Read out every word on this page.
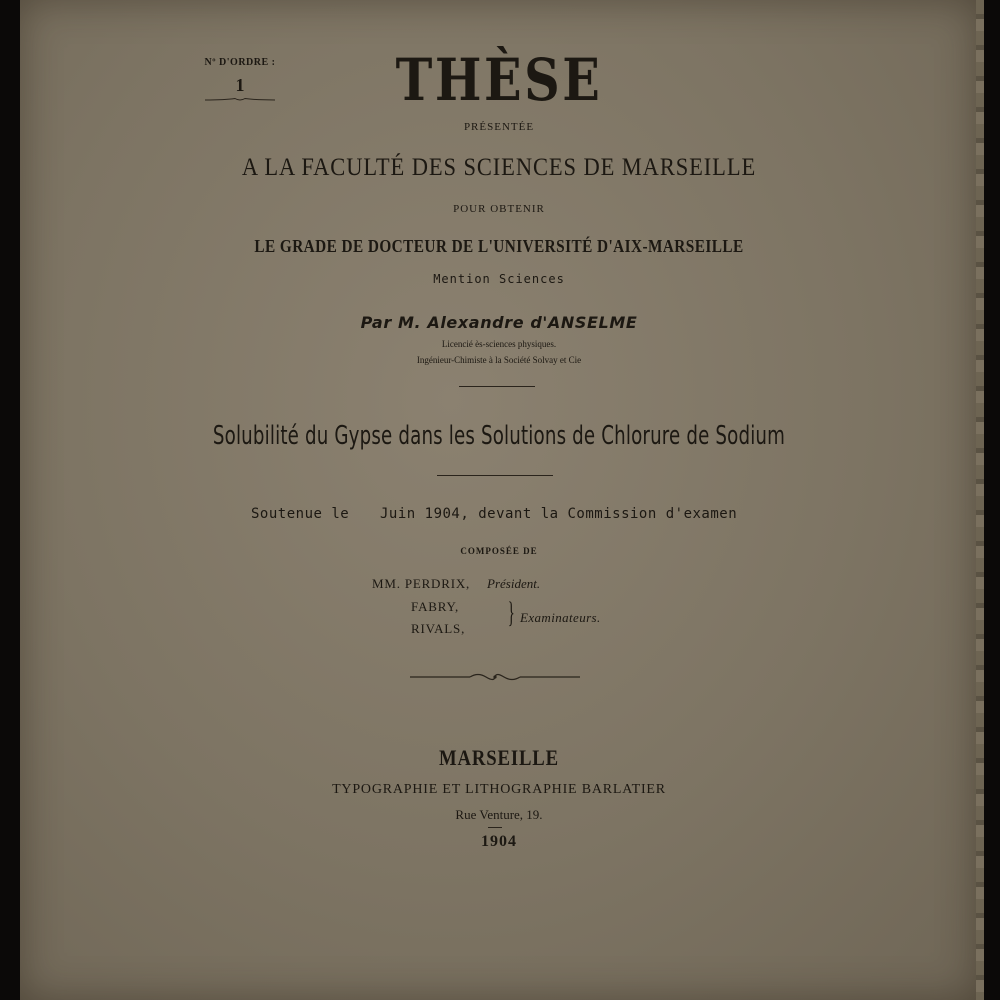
Nº D'ORDRE :
1	THÈSE
PRÉSENTÉE
A LA FACULTÉ DES SCIENCES DE MARSEILLE
POUR OBTENIR
LE GRADE DE DOCTEUR DE L'UNIVERSITÉ D'AIX-MARSEILLE
Mention Sciences
Par M. Alexandre d'ANSELME
Licencié ès-sciences physiques.
Ingénieur-Chimiste à la Société Solvay et Cie
Solubilité du Gypse dans les Solutions de Chlorure de Sodium
Soutenue le Juin 1904, devant la Commission d'examen
COMPOSÉE DE
MM. PERDRIX, Président.
FABRY,
RIVALS, } Examinateurs.
MARSEILLE
TYPOGRAPHIE ET LITHOGRAPHIE BARLATIER
Rue Venture, 19.
1904
